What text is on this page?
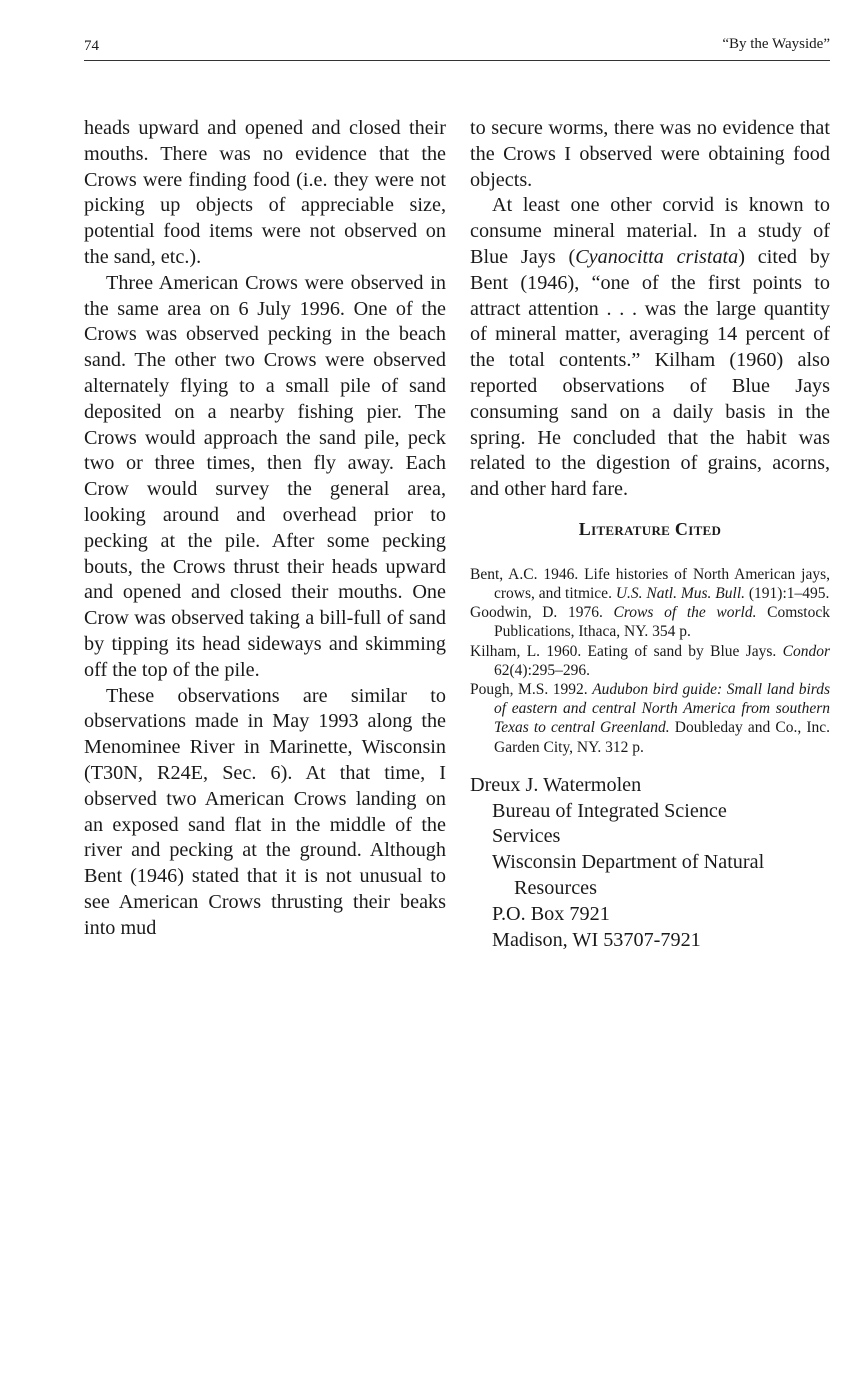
74	“By the Wayside”

heads upward and opened and closed their mouths. There was no evidence that the Crows were finding food (i.e. they were not picking up objects of appreciable size, potential food items were not observed on the sand, etc.).

Three American Crows were observed in the same area on 6 July 1996. One of the Crows was observed pecking in the beach sand. The other two Crows were observed alternately flying to a small pile of sand deposited on a nearby fishing pier. The Crows would approach the sand pile, peck two or three times, then fly away. Each Crow would survey the general area, looking around and overhead prior to pecking at the pile. After some pecking bouts, the Crows thrust their heads upward and opened and closed their mouths. One Crow was observed taking a bill-full of sand by tipping its head sideways and skimming off the top of the pile.

These observations are similar to observations made in May 1993 along the Menominee River in Marinette, Wisconsin (T30N, R24E, Sec. 6). At that time, I observed two American Crows landing on an exposed sand flat in the middle of the river and pecking at the ground. Although Bent (1946) stated that it is not unusual to see American Crows thrusting their beaks into mud

to secure worms, there was no evidence that the Crows I observed were obtaining food objects.

At least one other corvid is known to consume mineral material. In a study of Blue Jays (Cyanocitta cristata) cited by Bent (1946), “one of the first points to attract attention . . . was the large quantity of mineral matter, averaging 14 percent of the total contents.” Kilham (1960) also reported observations of Blue Jays consuming sand on a daily basis in the spring. He concluded that the habit was related to the digestion of grains, acorns, and other hard fare.

Literature Cited

Bent, A.C. 1946. Life histories of North American jays, crows, and titmice. U.S. Natl. Mus. Bull. (191):1–495.

Goodwin, D. 1976. Crows of the world. Comstock Publications, Ithaca, NY. 354 p.

Kilham, L. 1960. Eating of sand by Blue Jays. Condor 62(4):295–296.

Pough, M.S. 1992. Audubon bird guide: Small land birds of eastern and central North America from southern Texas to central Greenland. Doubleday and Co., Inc. Garden City, NY. 312 p.

Dreux J. Watermolen
Bureau of Integrated Science
Services
Wisconsin Department of Natural
Resources
P.O. Box 7921
Madison, WI 53707-7921
